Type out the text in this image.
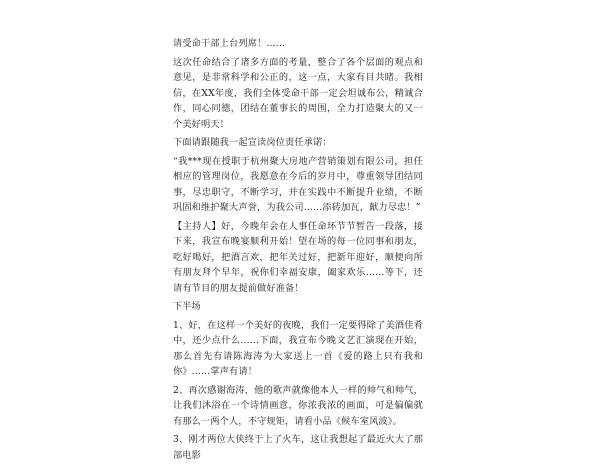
请受命干部上台列席！……

这次任命结合了诸多方面的考量，整合了各个层面的观点和意见，是非常科学和公正的，这一点，大家有目共睹。我相信，在XX年度，我们全体受命干部一定会坦诚布公，精诚合作，同心同德，团结在董事长的周围，全力打造聚大的又一个美好明天！

下面请跟随我一起宣读岗位责任承诺：

“我***现在授职于杭州聚大房地产营销策划有限公司，担任相应的管理岗位，我愿意在今后的岁月中，尊重领导团结同事，尽忠职守，不断学习，并在实践中不断提升业绩，不断巩固和维护聚大声誉，为我公司……添砖加瓦，献力尽忠！”

【主持人】好，今晚年会在人事任命环节节暂告一段落，接下来，我宣布晚宴顺利开始！望在场的每一位同事和朋友，吃好喝好，把酒言欢，把年关过好，把新年迎好，顺便向所有朋友拜个早年，祝你们幸福安康，阖家欢乐……等下，还请有节目的朋友提前做好准备！

下半场

1、好，在这样一个美好的夜晚，我们一定要得除了美酒佳肴中，还少点什么……下面，我宣布今晚文艺汇演现在开始，那么首先有请陈海涛为大家送上一首《爱的路上只有我和你》……掌声有请！

2、再次感谢海涛，他的歌声就像他本人一样的帅气和帅气，让我们沐浴在一个诗情画意，你浓我浓的画面，可是偏偏就有那么一两个人，不守规矩，请看小品《候车室风波》。

3、刚才两位大侠终于上了火车，这让我想起了最近火大了那部电影
